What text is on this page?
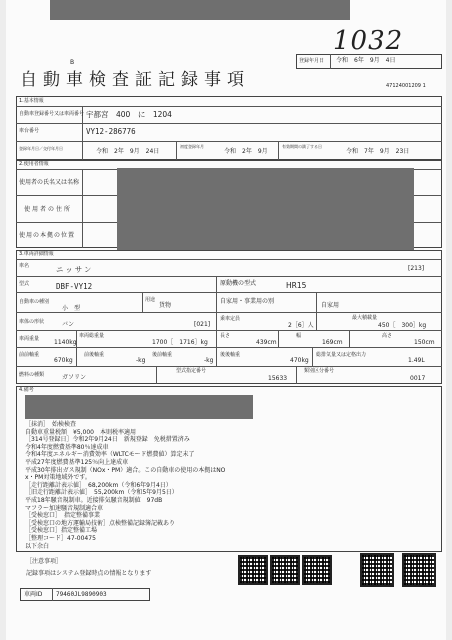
1032
登録年月日 令和　6年　9月　4日
B
自動車検査証記録事項	47124001209 1
1.基本情報
自動車登録番号又は車両番号 宇都宮　400　に　1204
車台番号	VY12-286776
登録年月日／交付年月日	令和　2年　9月　24日
初度登録年月
令和　2年　9月
有効期間の満了する日
令和　7年　9月　23日
2.使用者情報
使用者の氏名又は名称
使用者の住所
使用の本拠の位置
3.車両詳細情報
車名	ニッサン	[213]
型式	DBF-VY12	原動機の型式	HR15
自動車の種別
小　型
用途
貨物
自家用・事業用の別
自家用
車体の形状	バン	[021]
乗車定員
2［6］人
最大積載量
450［　300］kg
車両重量 1140kg
車両総重量
1700［　1716］kg
長さ
439cm
幅
169cm
高さ
150cm
前前軸重
670kg
前後軸重
-kg
後前軸重
-kg
後後軸重
470kg
総排気量又は定格出力
1.49L
燃料の種類	ガソリン
型式指定番号
15633
類別区分番号
0017
4.備考
［抹消］　始検検査
自動車重量税額　¥5,000　本則税率適用
［314号登録日］令和2年9月24日　新規登録　免税措置済み
令和4年度燃費基準80％達成車
令和4年度エネルギー消費効率（WLTCモード燃費値）算定未了
平成27年度燃費基準125％向上達成車
平成30年排出ガス規制（NOx・PM）適合。この自動車の使用の本拠はNO
x・PM対策地域外です。
［走行距離計表示値］　68,200km（令和6年9月4日）
［旧走行距離計表示値］　55,200km（令和5年9月5日）
平成18年騒音規制車。近接排気騒音規制値　97dB
マフラー加速騒音規制適合車
［受検窓口］　指定整備事業
［受検窓口の地方運輸局技術］点検整備記録簿記載あり
［受検窓口］指定整備工場
［整理コード］47-00475
以下余白
［注意事項］
記録事項はシステム登録時点の情報となります
車両ID 79460JL9890903
